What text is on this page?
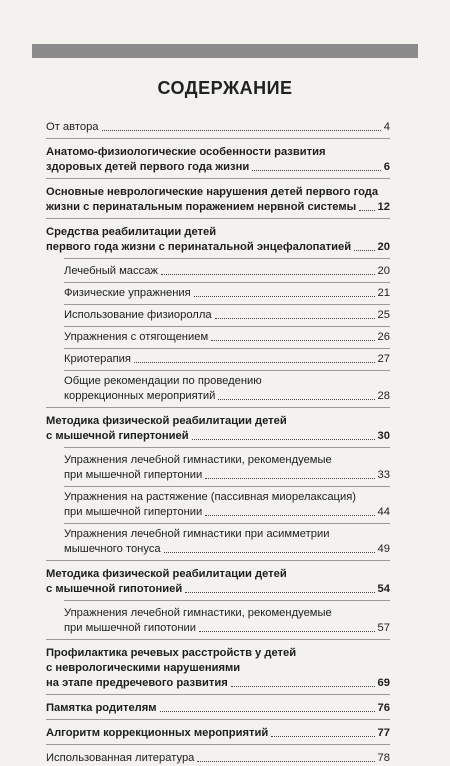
СОДЕРЖАНИЕ
От автора	4
Анатомо-физиологические особенности развития
здоровых детей первого года жизни	6
Основные неврологические нарушения детей первого года
жизни с перинатальным поражением нервной системы 12
Средства реабилитации детей
первого года жизни с перинатальной энцефалопатией 20
Лечебный массаж	20
Физические упражнения	21
Использование физиоролла	25
Упражнения с отягощением	26
Криотерапия	27
Общие рекомендации по проведению
коррекционных мероприятий	28
Методика физической реабилитации детей
с мышечной гипертонией	30
Упражнения лечебной гимнастики, рекомендуемые
при мышечной гипертонии	33
Упражнения на растяжение (пассивная миорелаксация)
при мышечной гипертонии	44
Упражнения лечебной гимнастики при асимметрии
мышечного тонуса	49
Методика физической реабилитации детей
с мышечной гипотонией	54
Упражнения лечебной гимнастики, рекомендуемые
при мышечной гипотонии	57
Профилактика речевых расстройств у детей
с неврологическими нарушениями
на этапе предречевого развития	69
Памятка родителям	76
Алгоритм коррекционных мероприятий	77
Использованная литература	78
